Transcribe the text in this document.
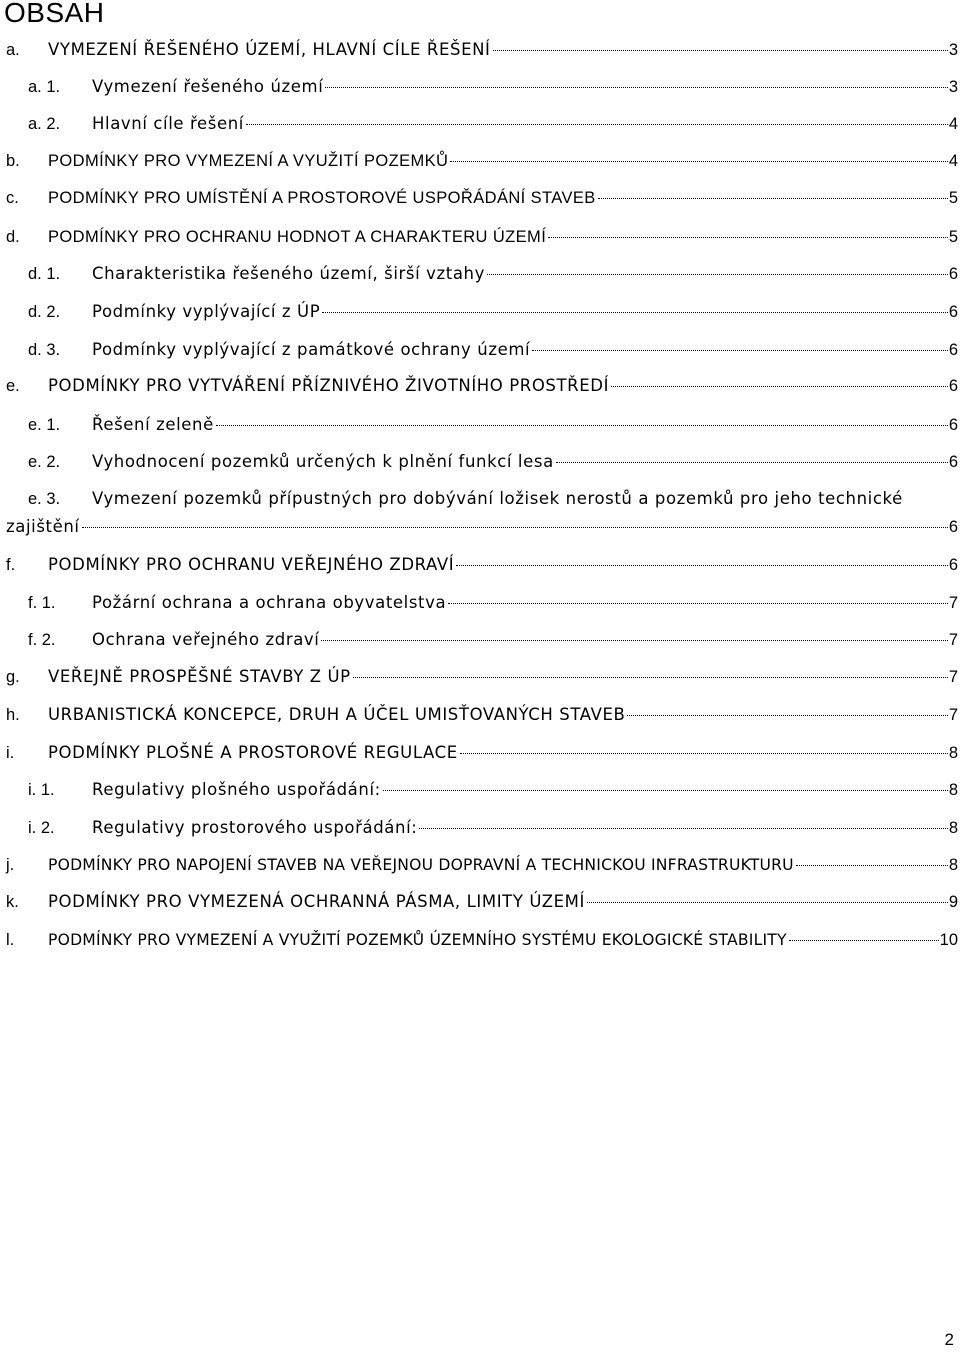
OBSAH
a. VYMEZENÍ ŘEŠENÉHO ÚZEMÍ, HLAVNÍ CÍLE ŘEŠENÍ	3
a. 1. Vymezení řešeného území	3
a. 2. Hlavní cíle řešení	4
b. PODMÍNKY PRO VYMEZENÍ A VYUŽITÍ POZEMKŮ	4
c. PODMÍNKY PRO UMÍSTĚNÍ A PROSTOROVÉ USPOŘÁDÁNÍ STAVEB	5
d. PODMÍNKY PRO OCHRANU HODNOT A CHARAKTERU ÚZEMÍ	5
d. 1. Charakteristika řešeného území, širší vztahy	6
d. 2. Podmínky vyplývající z ÚP	6
d. 3. Podmínky vyplývající z památkové ochrany území	6
e. PODMÍNKY PRO VYTVÁŘENÍ PŘÍZNIVÉHO ŽIVOTNÍHO PROSTŘEDÍ	6
e. 1. Řešení zeleně	6
e. 2. Vyhodnocení pozemků určených k plnění funkcí lesa	6
e. 3. Vymezení pozemků přípustných pro dobývání ložisek nerostů a pozemků pro jeho technické
zajištění	6
f. PODMÍNKY PRO OCHRANU VEŘEJNÉHO ZDRAVÍ	6
f. 1. Požární ochrana a ochrana obyvatelstva	7
f. 2. Ochrana veřejného zdraví	7
g. VEŘEJNĚ PROSPĚŠNÉ STAVBY Z ÚP	7
h. URBANISTICKÁ KONCEPCE, DRUH A ÚČEL UMISŤOVANÝCH STAVEB	7
i. PODMÍNKY PLOŠNÉ A PROSTOROVÉ REGULACE	8
i. 1. Regulativy plošného uspořádání:	8
i. 2. Regulativy prostorového uspořádání:	8
j. PODMÍNKY PRO NAPOJENÍ STAVEB NA VEŘEJNOU DOPRAVNÍ A TECHNICKOU INFRASTRUKTURU	8
k. PODMÍNKY PRO VYMEZENÁ OCHRANNÁ PÁSMA, LIMITY ÚZEMÍ	9
l. PODMÍNKY PRO VYMEZENÍ A VYUŽITÍ POZEMKŮ ÚZEMNÍHO SYSTÉMU EKOLOGICKÉ STABILITY	10
2
